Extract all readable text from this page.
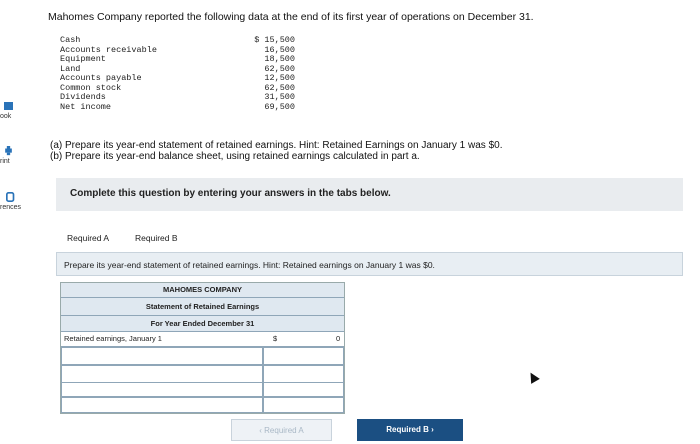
ook
rint
rences
Mahomes Company reported the following data at the end of its first year of operations on December 31.
Cash	$ 15,500
Accounts receivable	16,500
Equipment	18,500
Land	62,500
Accounts payable	12,500
Common stock	62,500
Dividends	31,500
Net income	69,500
(a) Prepare its year-end statement of retained earnings. Hint: Retained Earnings on January 1 was $0.
(b) Prepare its year-end balance sheet, using retained earnings calculated in part a.
Complete this question by entering your answers in the tabs below.
Required A	Required B
Prepare its year-end statement of retained earnings. Hint: Retained earnings on January 1 was $0.
MAHOMES COMPANY
Statement of Retained Earnings
For Year Ended December 31
Retained earnings, January 1	$	0
‹ Required A	Required B ›
